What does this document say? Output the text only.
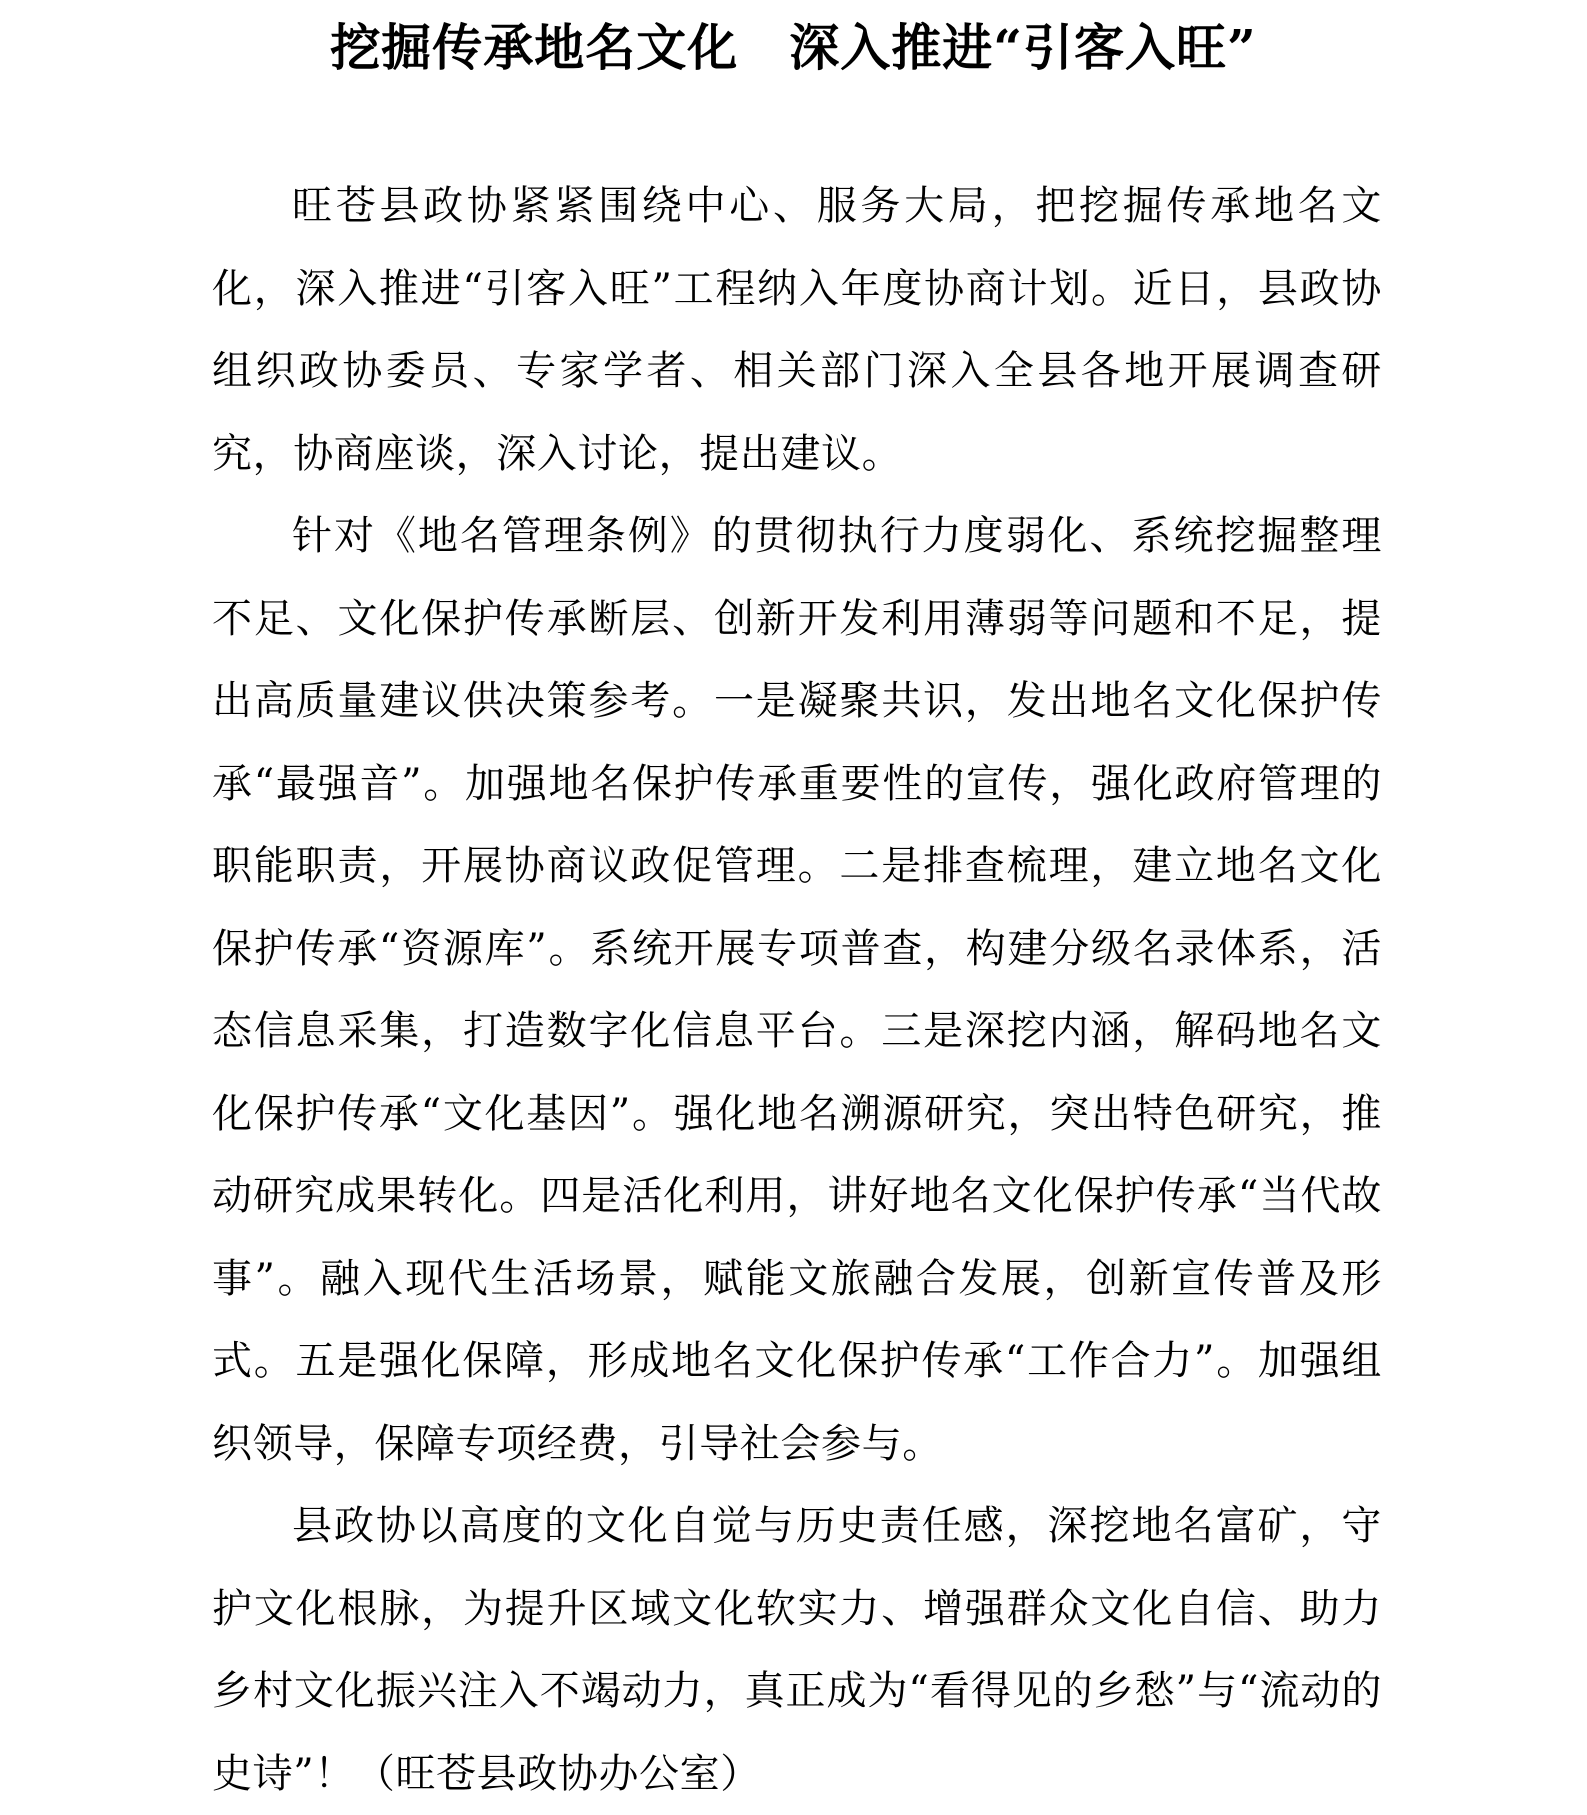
挖掘传承地名文化　深入推进“引客入旺”

旺苍县政协紧紧围绕中心、服务大局，把挖掘传承地名文化，深入推进“引客入旺”工程纳入年度协商计划。近日，县政协组织政协委员、专家学者、相关部门深入全县各地开展调查研究，协商座谈，深入讨论，提出建议。

针对《地名管理条例》的贯彻执行力度弱化、系统挖掘整理不足、文化保护传承断层、创新开发利用薄弱等问题和不足，提出高质量建议供决策参考。一是凝聚共识，发出地名文化保护传承“最强音”。加强地名保护传承重要性的宣传，强化政府管理的职能职责，开展协商议政促管理。二是排查梳理，建立地名文化保护传承“资源库”。系统开展专项普查，构建分级名录体系，活态信息采集，打造数字化信息平台。三是深挖内涵，解码地名文化保护传承“文化基因”。强化地名溯源研究，突出特色研究，推动研究成果转化。四是活化利用，讲好地名文化保护传承“当代故事”。融入现代生活场景，赋能文旅融合发展，创新宣传普及形式。五是强化保障，形成地名文化保护传承“工作合力”。加强组织领导，保障专项经费，引导社会参与。

县政协以高度的文化自觉与历史责任感，深挖地名富矿，守护文化根脉，为提升区域文化软实力、增强群众文化自信、助力乡村文化振兴注入不竭动力，真正成为“看得见的乡愁”与“流动的史诗”！（旺苍县政协办公室）
